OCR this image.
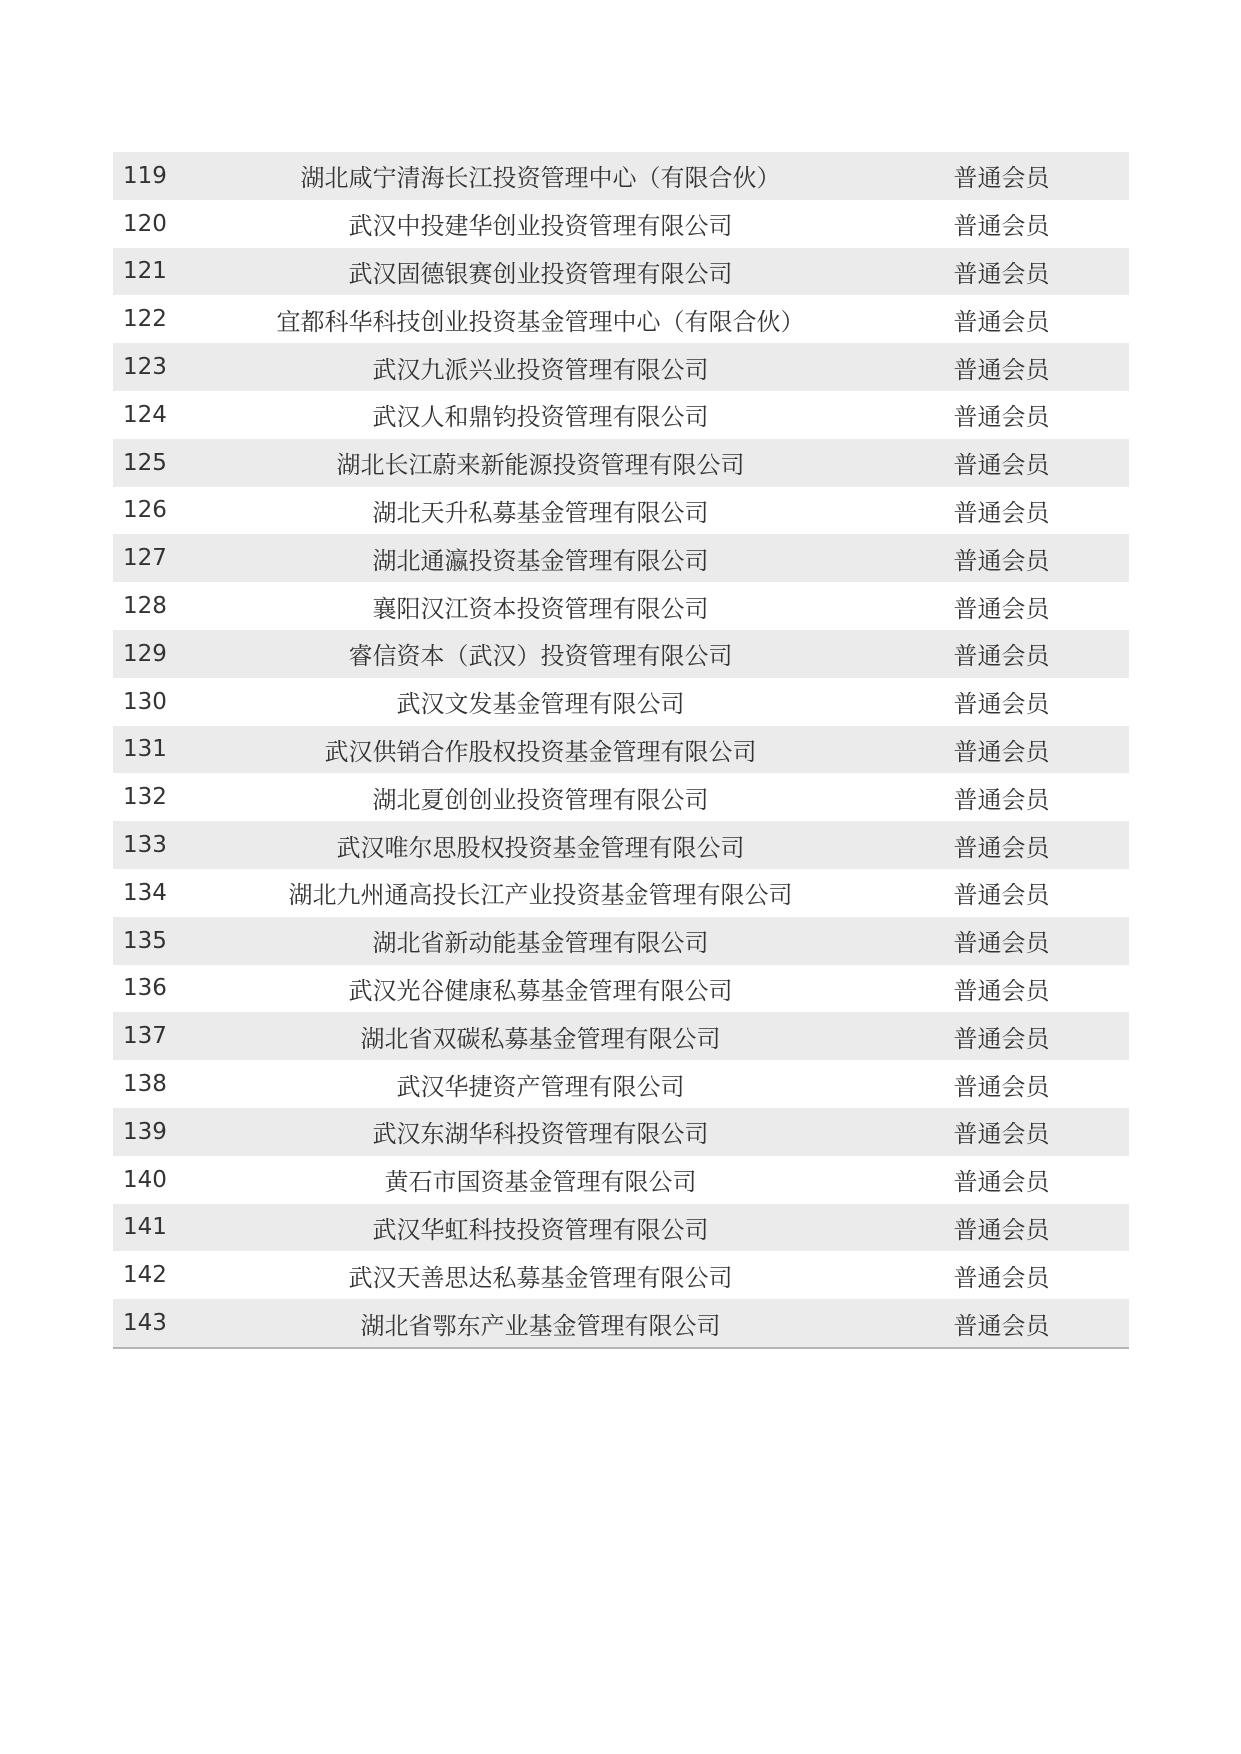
119	湖北咸宁清海长江投资管理中心（有限合伙）	普通会员
120	武汉中投建华创业投资管理有限公司	普通会员
121	武汉固德银赛创业投资管理有限公司	普通会员
122	宜都科华科技创业投资基金管理中心（有限合伙）	普通会员
123	武汉九派兴业投资管理有限公司	普通会员
124	武汉人和鼎钧投资管理有限公司	普通会员
125	湖北长江蔚来新能源投资管理有限公司	普通会员
126	湖北天升私募基金管理有限公司	普通会员
127	湖北通瀛投资基金管理有限公司	普通会员
128	襄阳汉江资本投资管理有限公司	普通会员
129	睿信资本（武汉）投资管理有限公司	普通会员
130	武汉文发基金管理有限公司	普通会员
131	武汉供销合作股权投资基金管理有限公司	普通会员
132	湖北夏创创业投资管理有限公司	普通会员
133	武汉唯尔思股权投资基金管理有限公司	普通会员
134	湖北九州通高投长江产业投资基金管理有限公司	普通会员
135	湖北省新动能基金管理有限公司	普通会员
136	武汉光谷健康私募基金管理有限公司	普通会员
137	湖北省双碳私募基金管理有限公司	普通会员
138	武汉华捷资产管理有限公司	普通会员
139	武汉东湖华科投资管理有限公司	普通会员
140	黄石市国资基金管理有限公司	普通会员
141	武汉华虹科技投资管理有限公司	普通会员
142	武汉天善思达私募基金管理有限公司	普通会员
143	湖北省鄂东产业基金管理有限公司	普通会员
